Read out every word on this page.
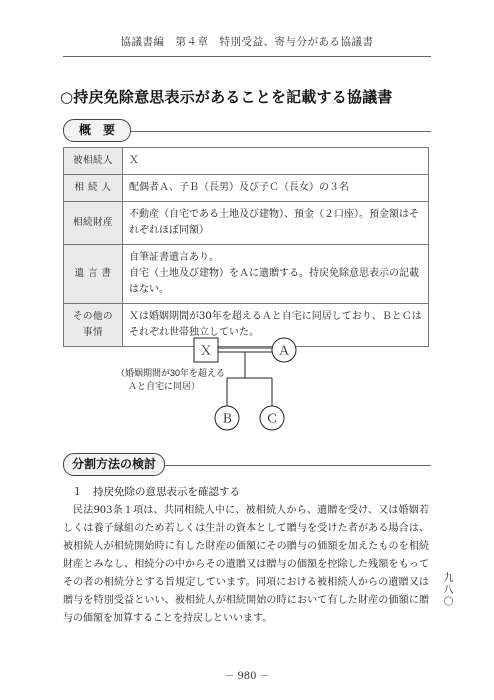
協議書編　第４章　特別受益、寄与分がある協議書
○持戻免除意思表示があることを記載する協議書
概　要
被相続人	Ｘ
相 続 人	配偶者Ａ、子Ｂ（長男）及び子Ｃ（長女）の３名
相続財産	不動産（自宅である土地及び建物）、預金（２口座）。預金額はそれぞれほぼ同額）
遺 言 書	自筆証書遺言あり。
自宅（土地及び建物）をＡに遺贈する。持戻免除意思表示の記載はない。

その他の事情	Ｘは婚姻期間が30年を超えるＡと自宅に同居しており、ＢとＣはそれぞれ世帯独立していた。
Ｘ	Ａ
Ｂ	Ｃ
（婚姻期間が30年を超える
Ａと自宅に同居）
分割方法の検討
１　持戻免除の意思表示を確認する
民法903条１項は、共同相続人中に、被相続人から、遺贈を受け、又は婚姻若しくは養子縁組のため若しくは生計の資本として贈与を受けた者がある場合は、被相続人が相続開始時に有した財産の価額にその贈与の価額を加えたものを相続財産とみなし、相続分の中からその遺贈又は贈与の価額を控除した残額をもってその者の相続分とする旨規定しています。同項における被相続人からの遺贈又は贈与を特別受益といい、被相続人が相続開始の時において有した財産の価額に贈与の価額を加算することを持戻しといいます。
九八〇
－ 980 －
